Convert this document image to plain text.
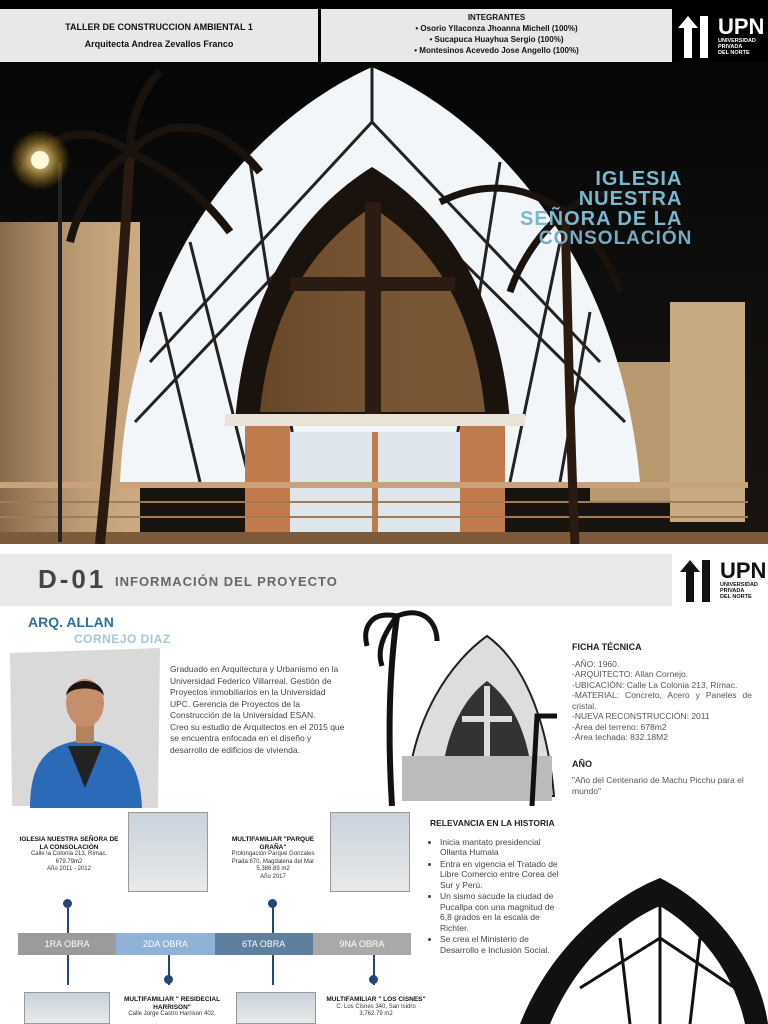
TALLER DE CONSTRUCCION AMBIENTAL 1
Arquitecta Andrea Zevallos Franco
INTEGRANTES
• Osorio Yllaconza Jhoanna Michell (100%)
• Sucapuca Huayhua Sergio (100%)
• Montesinos Acevedo Jose Angello (100%)
UPN
UNIVERSIDAD
PRIVADA
DEL NORTE
IGLESIA
NUESTRA
SEÑORA DE LA
CONSOLACIÓN
D-01 INFORMACIÓN DEL PROYECTO	UPN
UNIVERSIDAD
PRIVADA
DEL NORTE
ARQ. ALLAN
CORNEJO DIAZ

Graduado en Arquitectura y Urbanismo en la Universidad Federico Villarreal. Gestión de Proyectos inmobiliarios en la Universidad UPC. Gerencia de Proyectos de la Construcción de la Universidad ESAN.

Creo su estudio de Arquitectos en el 2015 que se encuentra enfocada en el diseño y desarrollo de edificios de vivienda.

FICHA TÉCNICA
-AÑO: 1960.
-ARQUITECTO: Allan Cornejo.
-UBICACIÓN: Calle La Colonia 213, Rímac.
-MATERIAL: Concreto, Acero y Paneles de cristal.
-NUEVA RECONSTRUCCIÓN: 2011
-Área del terreno: 678m2
-Área techada: 832.18M2
AÑO
"Año del Centenario de Machu Picchu para el mundo"
RELEVANCIA EN LA HISTORIA
• Inicia mantato presidencial Ollanta Humala
• Entra en vigencia el Tratado de Libre Comercio entre Corea del Sur y Perú.
• Un sismo sacude la ciudad de Pucallpa con una magnitud de 6,8 grados en la escala de Richter.
• Se crea el Ministerio de Desarrollo e Inclusión Social.
IGLESIA NUESTRA SEÑORA DE LA CONSOLACIÓN
Calle la Colonia 213, Rímac.
679.79m2
Año 2011 - 2012
MULTIFAMILIAR "PARQUE GRAÑA"
Prolongación Parque Gonzales Prada 870, Magdalena del Mar
5,386.89 m2
Año 2017
1RA OBRA	2DA OBRA	6TA OBRA	9NA OBRA
MULTIFAMILIAR " RESIDECIAL HARRISON"
Calle Jorge Castro Harrison 402,
MULTIFAMILIAR " LOS CISNES"
C. Los Cisnes 340, San Isidro
3,762.79 m2
